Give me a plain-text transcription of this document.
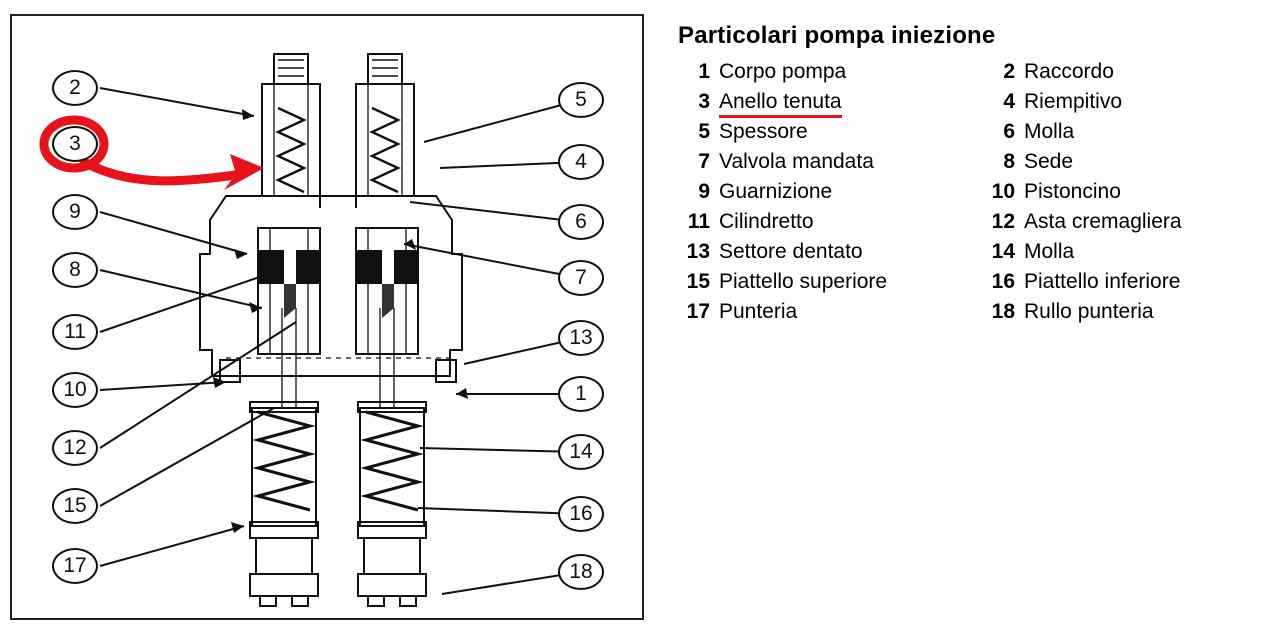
2
3
9
8
11
10
12
15
17
5
4
6
7
13
1
14
16
18
Particolari pompa iniezione
1 Corpo pompa
3 Anello tenuta
5 Spessore
7 Valvola mandata
9 Guarnizione
11 Cilindretto
13 Settore dentato
15 Piattello superiore
17 Punteria
2 Raccordo
4 Riempitivo
6 Molla
8 Sede
10 Pistoncino
12 Asta cremagliera
14 Molla
16 Piattello inferiore
18 Rullo punteria
